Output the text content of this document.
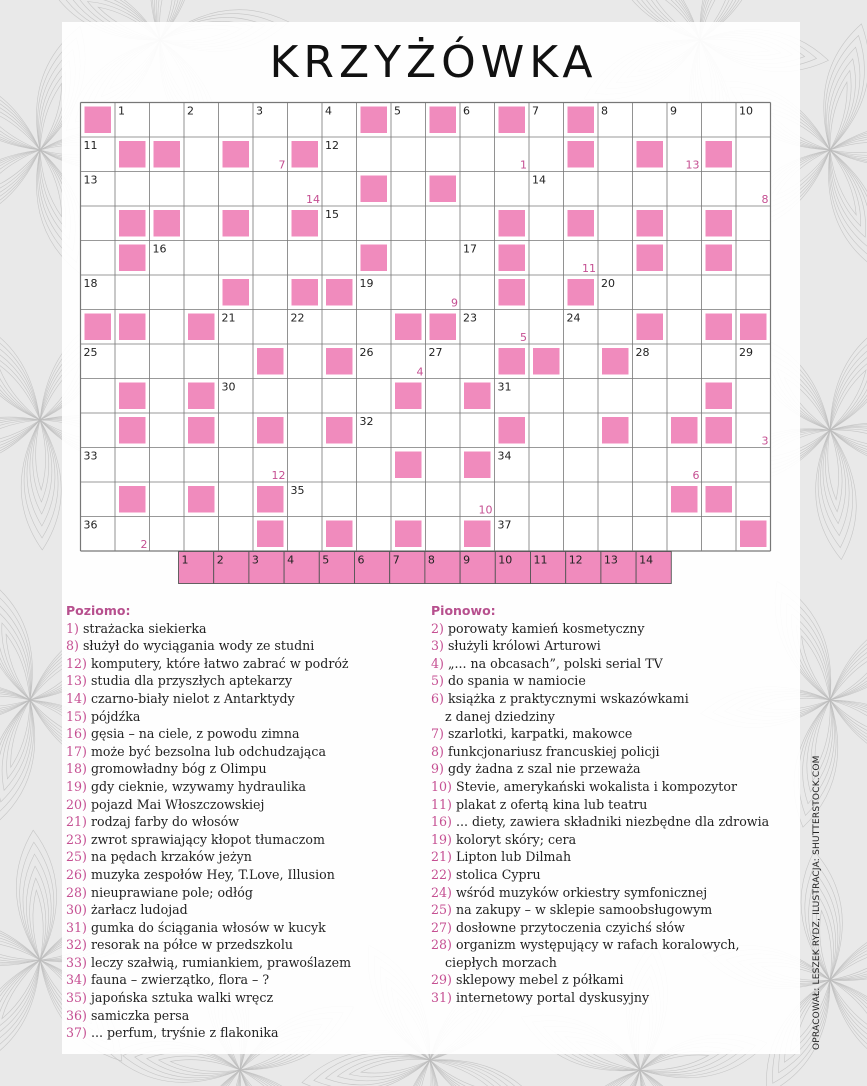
KRZYŻÓWKA
1	2	3	4	5	6	7	8	9	10
11	12
13	14
15
16	17
18	19	20
21	22	23	24
25	26	27	28	29
30	31
32
33	34
35
36	37
7	1	13
14	8
11
9
5
4
3
12	6
10
2
1	2	3	4	5	6	7	8	9	10 11 12 13 14
Poziomo:
1) strażacka siekierka
8) służył do wyciągania wody ze studni
12) komputery, które łatwo zabrać w podróż
13) studia dla przyszłych aptekarzy
14) czarno-biały nielot z Antarktydy
15) pójdźka
16) gęsia – na ciele, z powodu zimna
17) może być bezsolna lub odchudzająca
18) gromowładny bóg z Olimpu
19) gdy cieknie, wzywamy hydraulika
20) pojazd Mai Włoszczowskiej
21) rodzaj farby do włosów
23) zwrot sprawiający kłopot tłumaczom
25) na pędach krzaków jeżyn
26) muzyka zespołów Hey, T.Love, Illusion
28) nieuprawiane pole; odłóg
30) żarłacz ludojad
31) gumka do ściągania włosów w kucyk
32) resorak na półce w przedszkolu
33) leczy szałwią, rumiankiem, prawoślazem
34) fauna – zwierzątko, flora – ?
35) japońska sztuka walki wręcz
36) samiczka persa
37) ... perfum, tryśnie z flakonika
Pionowo:
2) porowaty kamień kosmetyczny
3) służyli królowi Arturowi
4) „... na obcasach”, polski serial TV
5) do spania w namiocie
6) książka z praktycznymi wskazówkami
z danej dziedziny
7) szarlotki, karpatki, makowce
8) funkcjonariusz francuskiej policji
9) gdy żadna z szal nie przeważa
10) Stevie, amerykański wokalista i kompozytor
11) plakat z ofertą kina lub teatru
16) ... diety, zawiera składniki niezbędne dla zdrowia
19) koloryt skóry; cera
21) Lipton lub Dilmah
22) stolica Cypru
24) wśród muzyków orkiestry symfonicznej
25) na zakupy – w sklepie samoobsługowym
27) dosłowne przytoczenia czyichś słów
28) organizm występujący w rafach koralowych,
ciepłych morzach
29) sklepowy mebel z półkami
31) internetowy portal dyskusyjny	OPRACOWAŁ: LESZEK RYDZ, ILUSTRACJA: SHUTTERSTOCK.COM
